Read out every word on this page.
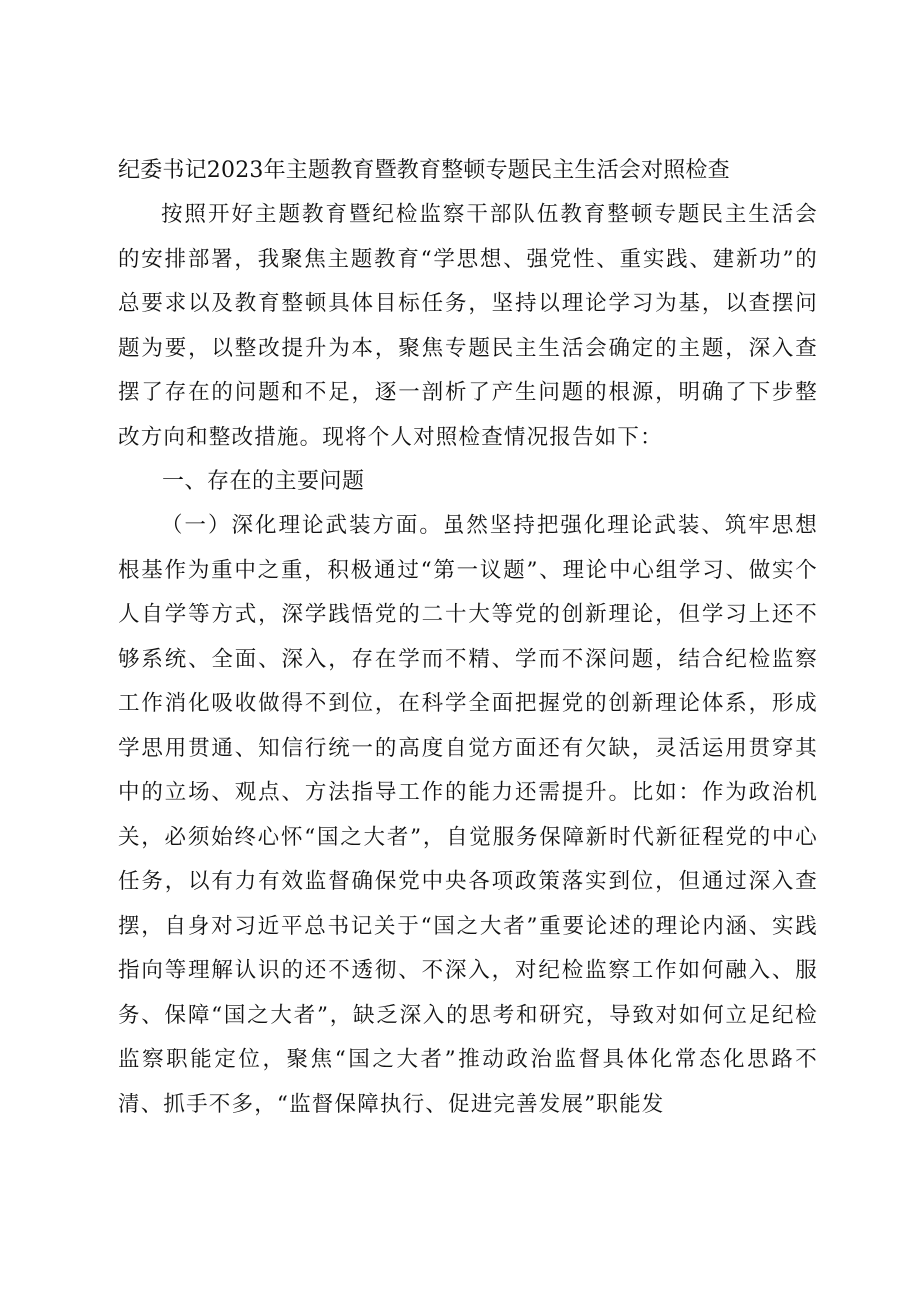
纪委书记2023年主题教育暨教育整顿专题民主生活会对照检查

按照开好主题教育暨纪检监察干部队伍教育整顿专题民主生活会的安排部署，我聚焦主题教育“学思想、强党性、重实践、建新功”的总要求以及教育整顿具体目标任务，坚持以理论学习为基，以查摆问题为要，以整改提升为本，聚焦专题民主生活会确定的主题，深入查摆了存在的问题和不足，逐一剖析了产生问题的根源，明确了下步整改方向和整改措施。现将个人对照检查情况报告如下：

一、存在的主要问题

（一）深化理论武装方面。虽然坚持把强化理论武装、筑牢思想根基作为重中之重，积极通过“第一议题”、理论中心组学习、做实个人自学等方式，深学践悟党的二十大等党的创新理论，但学习上还不够系统、全面、深入，存在学而不精、学而不深问题，结合纪检监察工作消化吸收做得不到位，在科学全面把握党的创新理论体系，形成学思用贯通、知信行统一的高度自觉方面还有欠缺，灵活运用贯穿其中的立场、观点、方法指导工作的能力还需提升。比如：作为政治机关，必须始终心怀“国之大者”，自觉服务保障新时代新征程党的中心任务，以有力有效监督确保党中央各项政策落实到位，但通过深入查摆，自身对习近平总书记关于“国之大者”重要论述的理论内涵、实践指向等理解认识的还不透彻、不深入，对纪检监察工作如何融入、服务、保障“国之大者”，缺乏深入的思考和研究，导致对如何立足纪检监察职能定位，聚焦“国之大者”推动政治监督具体化常态化思路不清、抓手不多，“监督保障执行、促进完善发展”职能发
